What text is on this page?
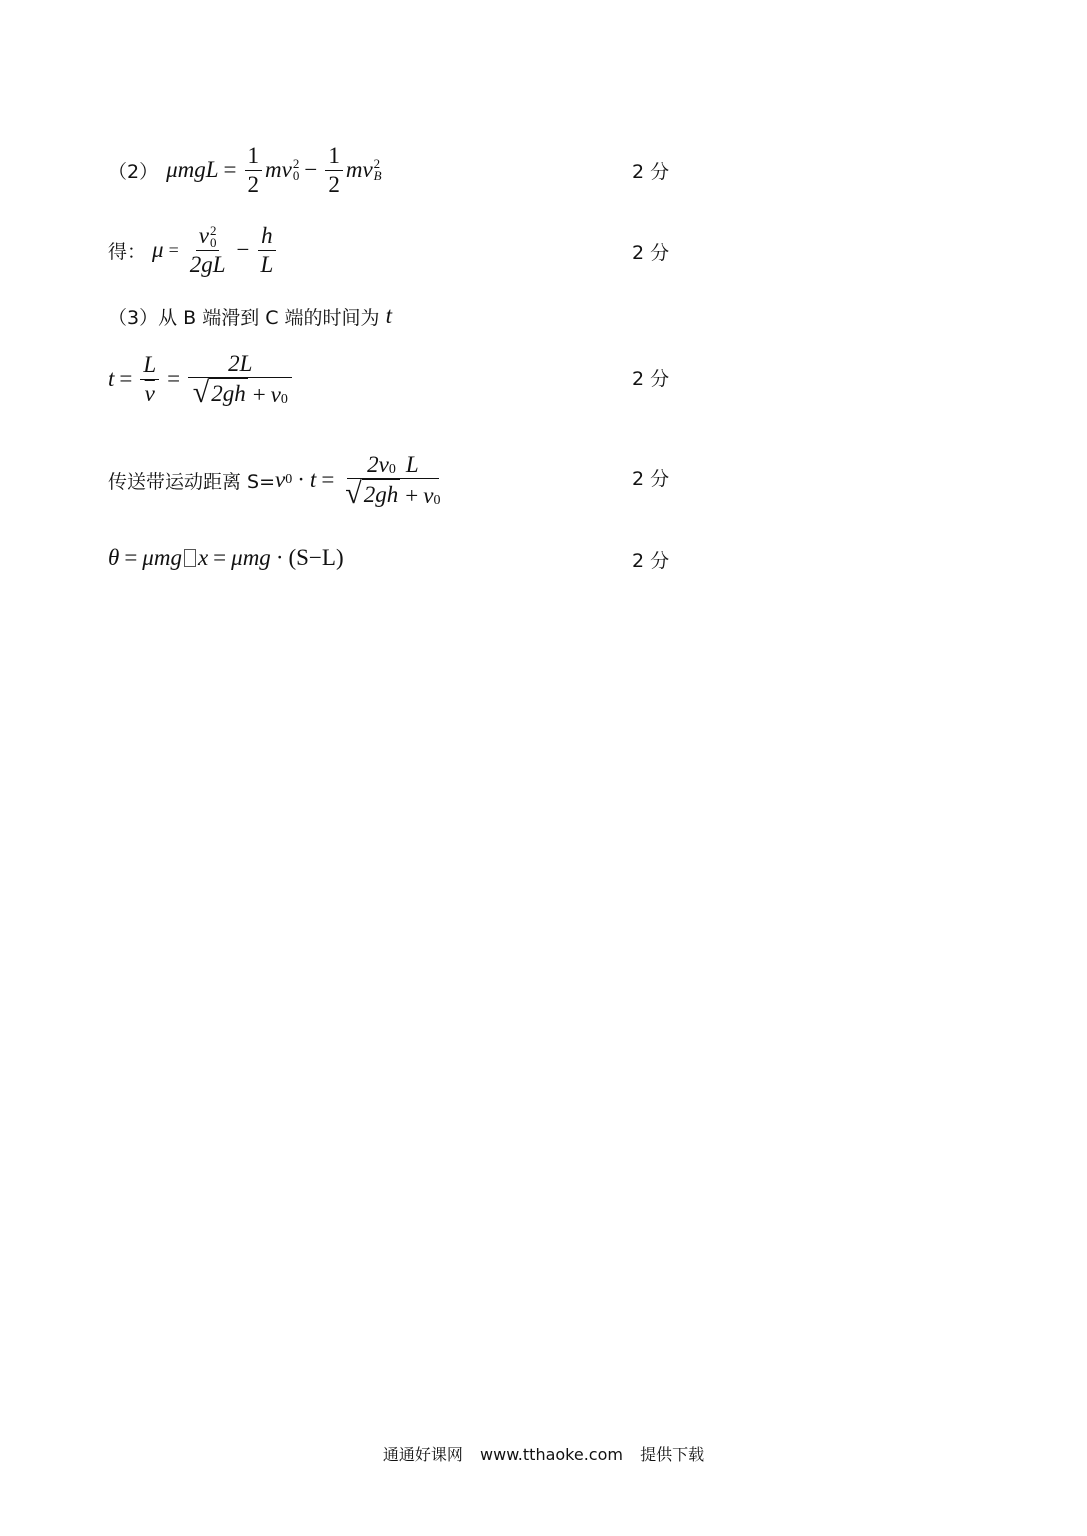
（2） $\mu mgL = \frac{1}{2}$ mv 2
$0 - \frac{1}{2}$ mv 2
B	2 分
得： μ = v 2
0
$2gL - \frac{h}{L}$	2 分
（3）从 B 端滑到 C 端的时间为 t
$t = \frac{L}{v} = \frac{2L}{√ 2gh + v 0}$	2 分
传送带运动距离 S= v $0 \cdot t = \frac{2v 0 L}{√ 2gh + v 0}$	2 分
θ = μmg x = μmg · (S−L)	2 分
通通好课网 www.tthaoke.com 提供下载
